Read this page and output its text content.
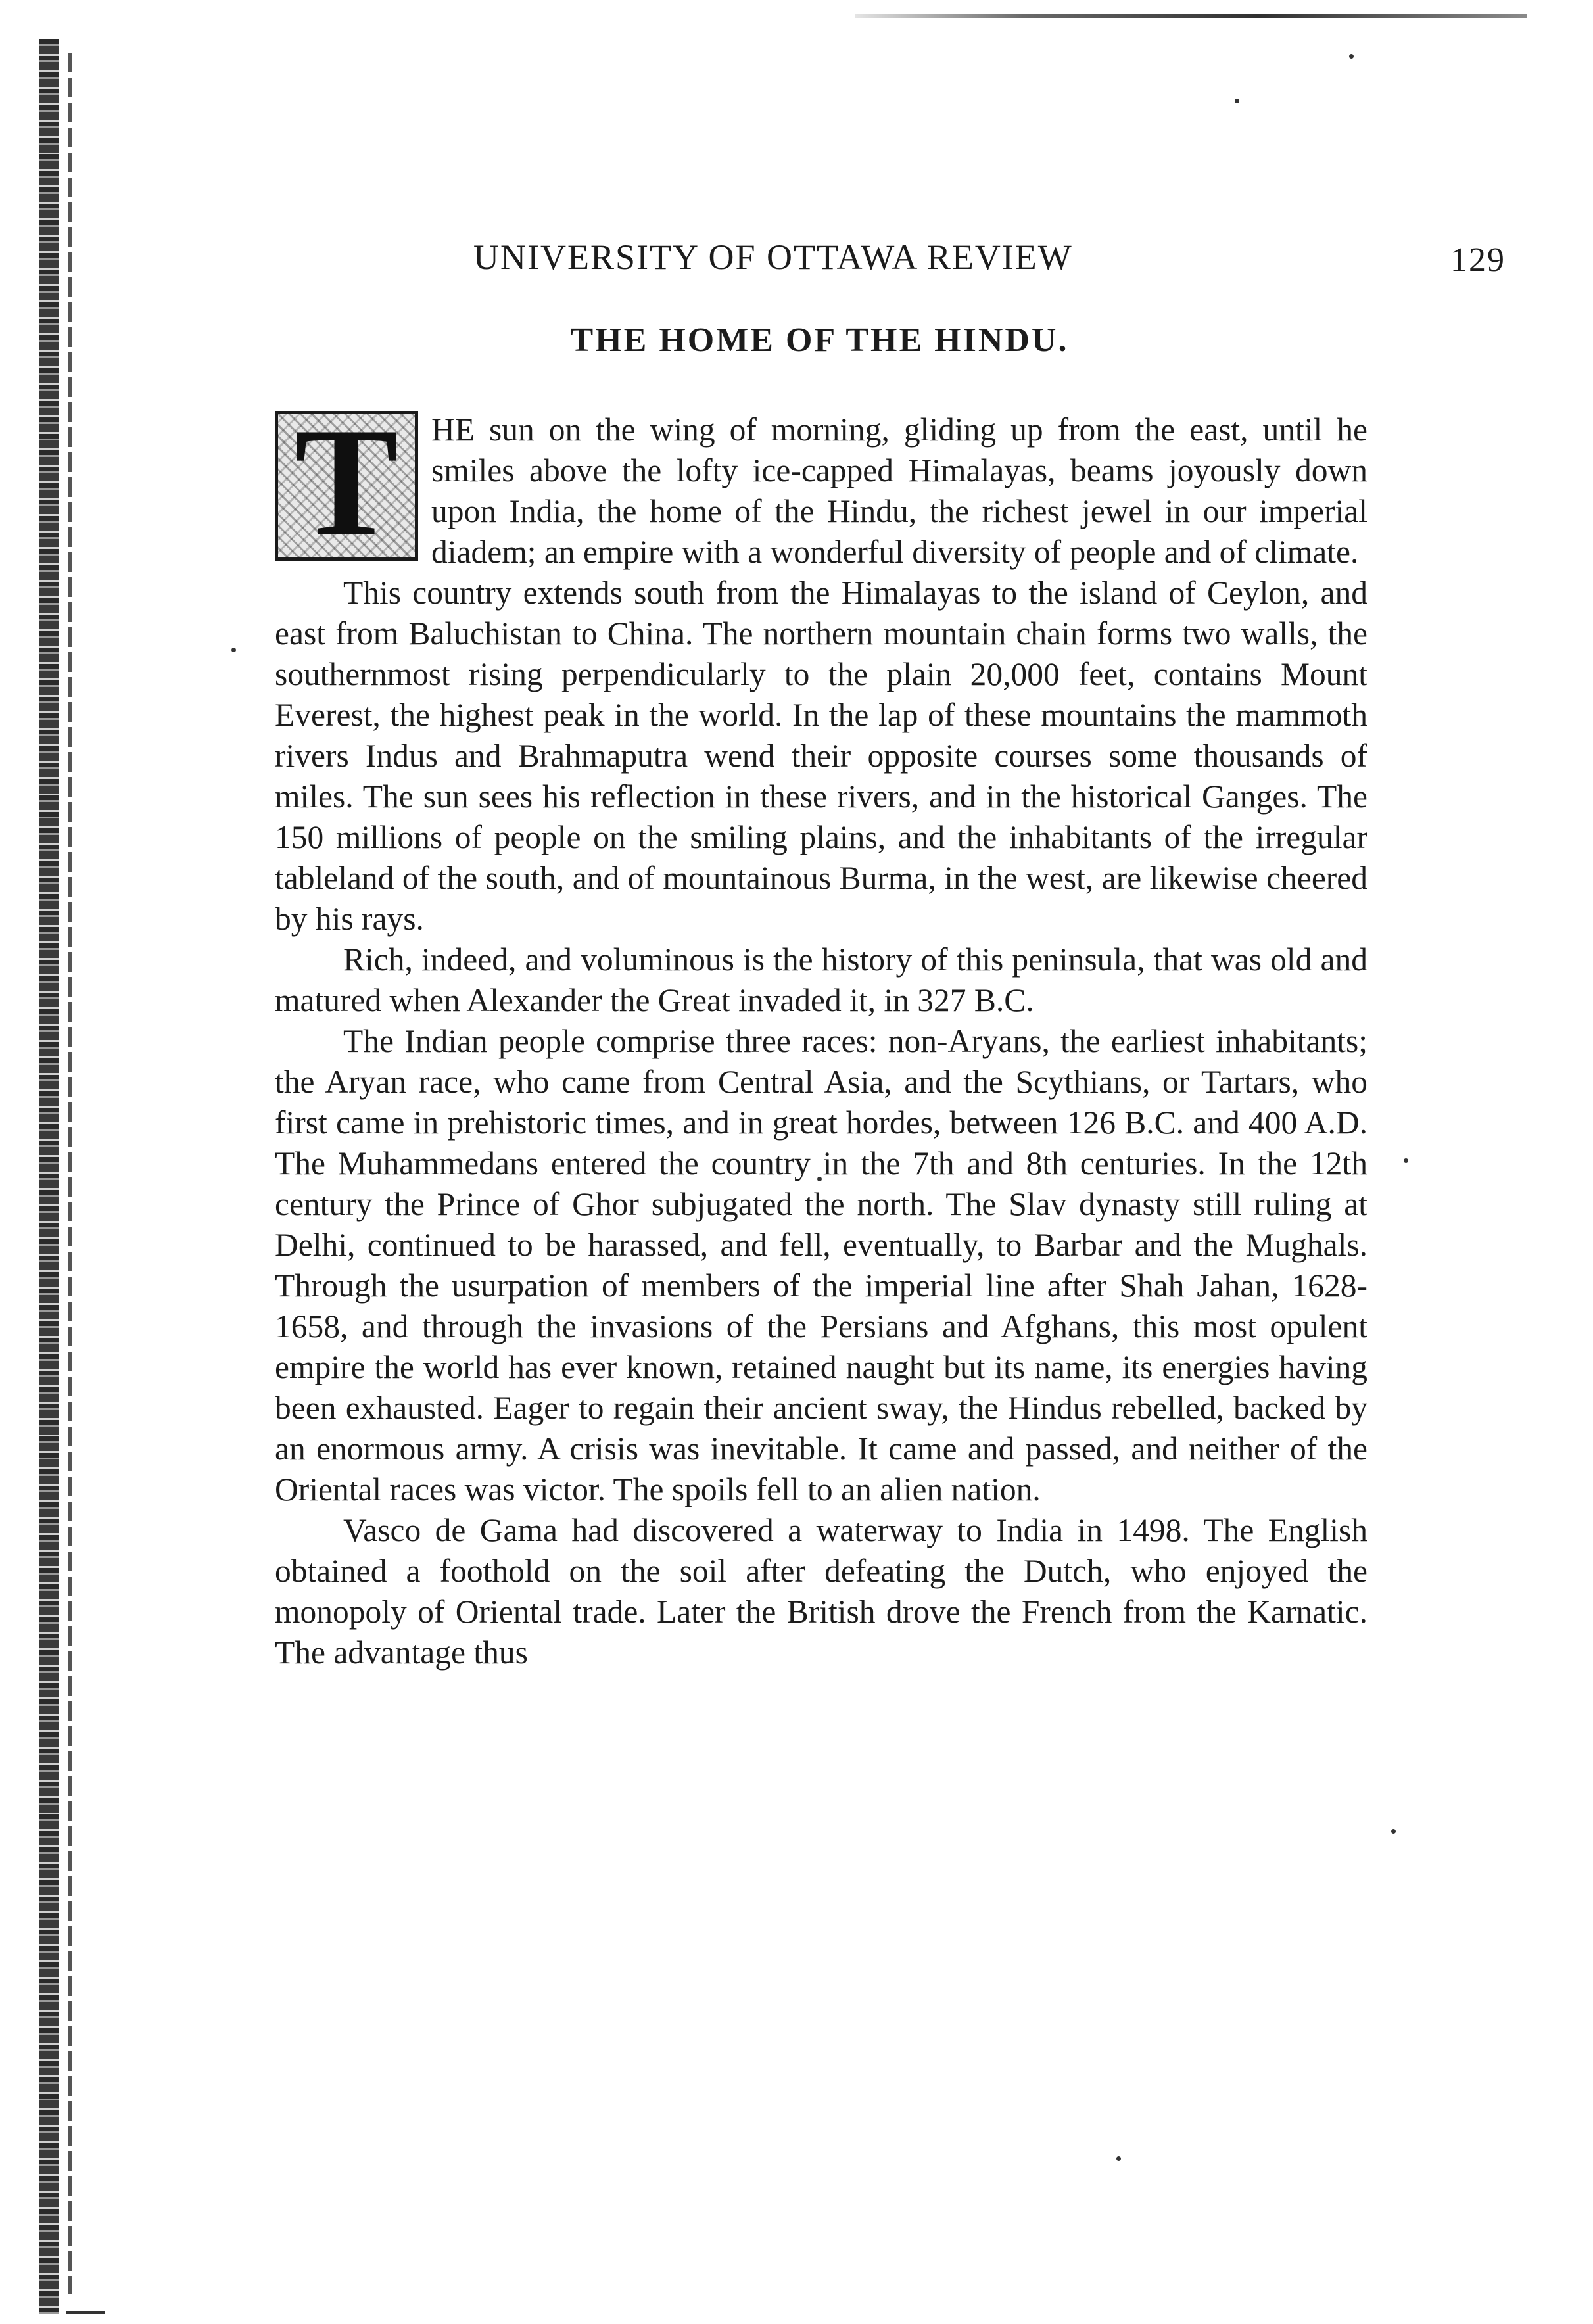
UNIVERSITY OF OTTAWA REVIEW	129
THE HOME OF THE HINDU.
T	HE sun on the wing of morning, gliding up from the east, until he smiles above the lofty ice-capped Himalayas, beams joyously down upon India, the home of the Hindu, the richest jewel in our imperial diadem; an empire with a wonderful diversity of people and of climate.

This country extends south from the Himalayas to the island of Ceylon, and east from Baluchistan to China. The northern mountain chain forms two walls, the southernmost rising perpendicularly to the plain 20,000 feet, contains Mount Everest, the highest peak in the world. In the lap of these mountains the mammoth rivers Indus and Brahmaputra wend their opposite courses some thousands of miles. The sun sees his reflection in these rivers, and in the historical Ganges. The 150 millions of people on the smiling plains, and the inhabitants of the irregular tableland of the south, and of mountainous Burma, in the west, are likewise cheered by his rays.

Rich, indeed, and voluminous is the history of this peninsula, that was old and matured when Alexander the Great invaded it, in 327 B.C.

The Indian people comprise three races: non-Aryans, the earliest inhabitants; the Aryan race, who came from Central Asia, and the Scythians, or Tartars, who first came in prehistoric times, and in great hordes, between 126 B.C. and 400 A.D. The Muhammedans entered the country in the 7th and 8th centuries. In the 12th century the Prince of Ghor subjugated the north. The Slav dynasty still ruling at Delhi, continued to be harassed, and fell, eventually, to Barbar and the Mughals. Through the usurpation of members of the imperial line after Shah Jahan, 1628-1658, and through the invasions of the Persians and Afghans, this most opulent empire the world has ever known, retained naught but its name, its energies having been exhausted. Eager to regain their ancient sway, the Hindus rebelled, backed by an enormous army. A crisis was inevitable. It came and passed, and neither of the Oriental races was victor. The spoils fell to an alien nation.

Vasco de Gama had discovered a waterway to India in 1498. The English obtained a foothold on the soil after defeating the Dutch, who enjoyed the monopoly of Oriental trade. Later the British drove the French from the Karnatic. The advantage thus
